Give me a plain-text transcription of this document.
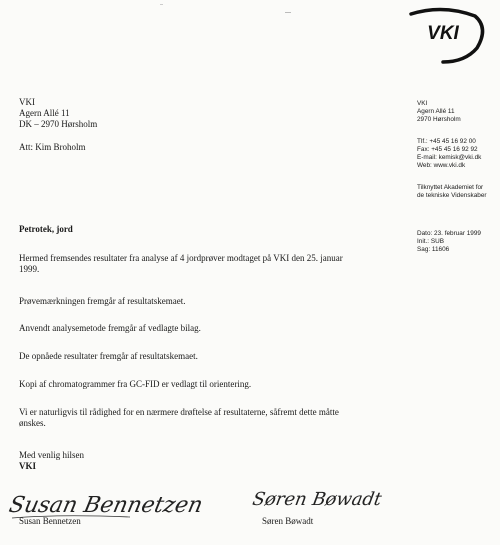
VKI
VKI
Agern Allé 11
DK – 2970 Hørsholm
Att: Kim Broholm
VKI
Agern Allé 11
2970 Hørsholm
Tlf.: +45 45 16 92 00
Fax: +45 45 16 92 92
E-mail: kemisk@vki.dk
Web: www.vki.dk
Tilknyttet Akademiet for
de tekniske Videnskaber
Dato: 23. februar 1999
Init.: SUB
Sag: 11606
Petrotek, jord
Hermed fremsendes resultater fra analyse af 4 jordprøver modtaget på VKI den 25. januar
1999.
Prøvemærkningen fremgår af resultatskemaet.
Anvendt analysemetode fremgår af vedlagte bilag.
De opnåede resultater fremgår af resultatskemaet.
Kopi af chromatogrammer fra GC-FID er vedlagt til orientering.
Vi er naturligvis til rådighed for en nærmere drøftelse af resultaterne, såfremt dette måtte
ønskes.
Med venlig hilsen
VKI
Susan Bennetzen	Søren Bøwadt
Susan Bennetzen	Søren Bøwadt
